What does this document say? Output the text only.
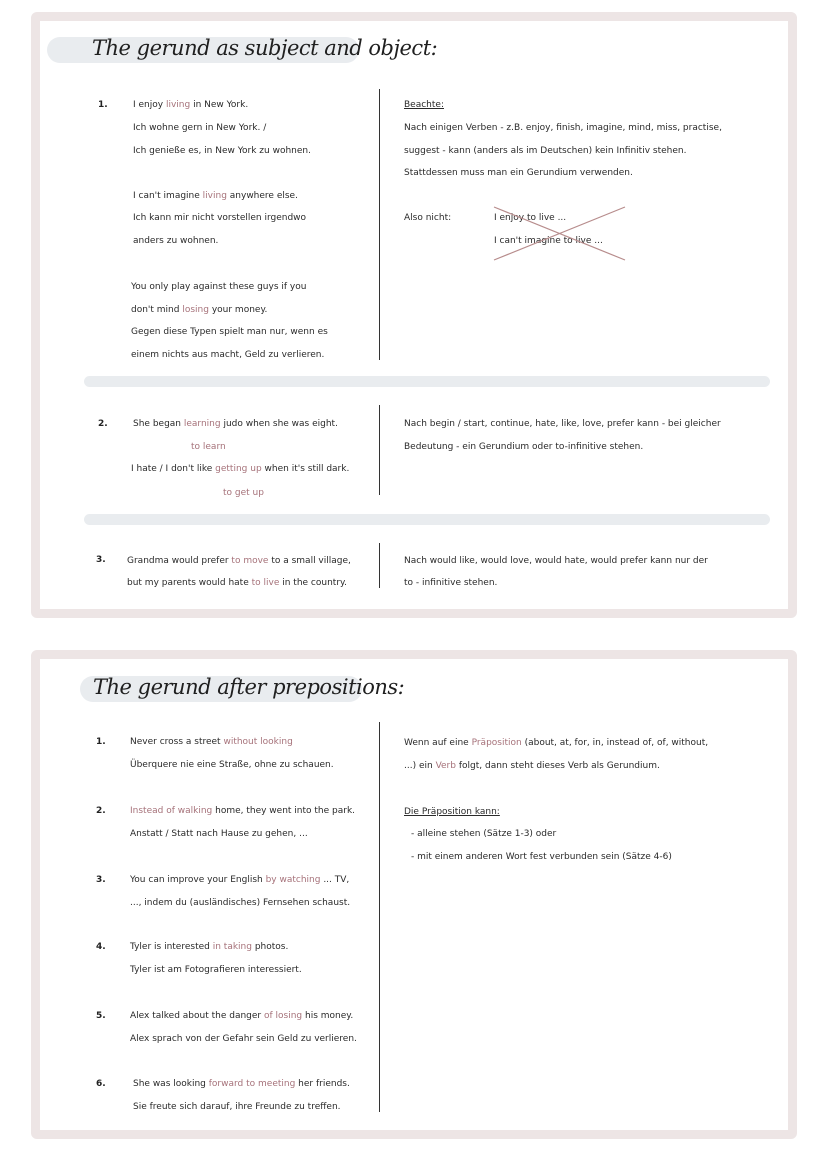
The gerund as subject and object:
1.	I enjoy living in New York.
Ich wohne gern in New York. /
Ich genieße es, in New York zu wohnen.
I can't imagine living anywhere else.
Ich kann mir nicht vorstellen irgendwo
anders zu wohnen.
You only play against these guys if you
don't mind losing your money.
Gegen diese Typen spielt man nur, wenn es
einem nichts aus macht, Geld zu verlieren.
Beachte:
Nach einigen Verben - z.B. enjoy, finish, imagine, mind, miss, practise,
suggest - kann (anders als im Deutschen) kein Infinitiv stehen.
Stattdessen muss man ein Gerundium verwenden.
Also nicht:	I enjoy to live ...
I can't imagine to live ...
2.	She began learning judo when she was eight.
to learn
I hate / I don't like getting up when it's still dark.
to get up
Nach begin / start, continue, hate, like, love, prefer kann - bei gleicher
Bedeutung - ein Gerundium oder to-infinitive stehen.
3. Grandma would prefer to move to a small village,
but my parents would hate to live in the country.
Nach would like, would love, would hate, would prefer kann nur der
to - infinitive stehen.
The gerund after prepositions:
1.	Never cross a street without looking
Überquere nie eine Straße, ohne zu schauen.
2.	Instead of walking home, they went into the park.
Anstatt / Statt nach Hause zu gehen, ...
3.	You can improve your English by watching ... TV,
..., indem du (ausländisches) Fernsehen schaust.
4.	Tyler is interested in taking photos.
Tyler ist am Fotografieren interessiert.
5.	Alex talked about the danger of losing his money.
Alex sprach von der Gefahr sein Geld zu verlieren.
6.	She was looking forward to meeting her friends.
Sie freute sich darauf, ihre Freunde zu treffen.
Wenn auf eine Präposition (about, at, for, in, instead of, of, without,
...) ein Verb folgt, dann steht dieses Verb als Gerundium.
Die Präposition kann:
- alleine stehen (Sätze 1-3) oder
- mit einem anderen Wort fest verbunden sein (Sätze 4-6)
